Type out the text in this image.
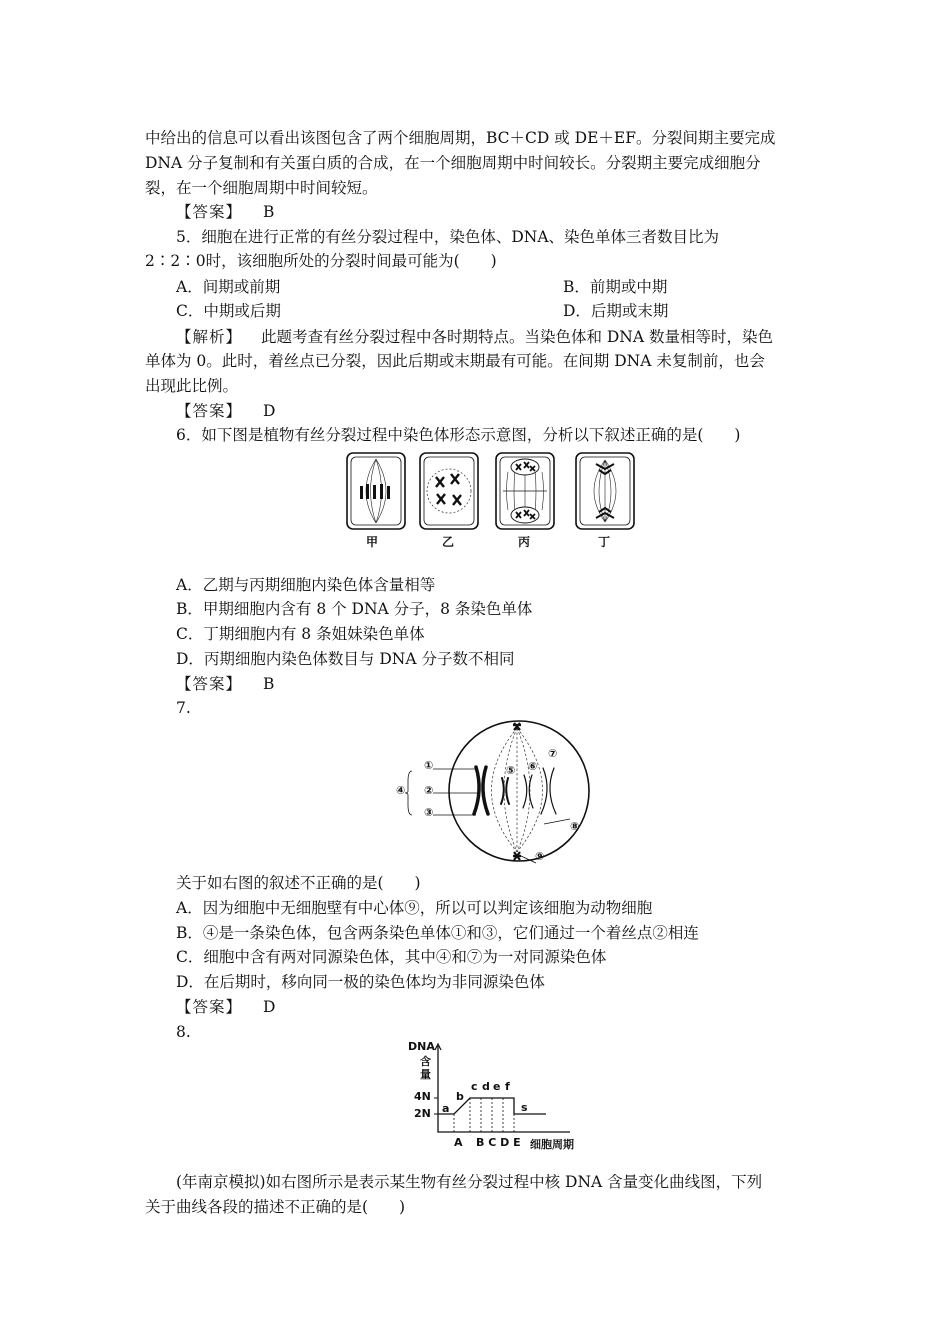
中给出的信息可以看出该图包含了两个细胞周期，BC＋CD 或 DE＋EF。分裂间期主要完成
DNA 分子复制和有关蛋白质的合成，在一个细胞周期中时间较长。分裂期主要完成细胞分
裂，在一个细胞周期中时间较短。
【答案】 B
5．细胞在进行正常的有丝分裂过程中，染色体、DNA、染色单体三者数目比为
2∶2∶0时，该细胞所处的分裂时间最可能为(　　)
A．间期或前期	B．前期或中期
C．中期或后期	D．后期或末期
【解析】 此题考查有丝分裂过程中各时期特点。当染色体和 DNA 数量相等时，染色
单体为 0。此时，着丝点已分裂，因此后期或末期最有可能。在间期 DNA 未复制前，也会
出现此比例。
【答案】 D
6．如下图是植物有丝分裂过程中染色体形态示意图，分析以下叙述正确的是(　　)
甲	乙	丙	丁
A．乙期与丙期细胞内染色体含量相等
B．甲期细胞内含有 8 个 DNA 分子，8 条染色单体
C．丁期细胞内有 8 条姐妹染色单体
D．丙期细胞内染色体数目与 DNA 分子数不相同
【答案】 B
7.
①
②
③
④
⑤ ⑥
⑦
⑧
⑨
关于如右图的叙述不正确的是(　　)
A．因为细胞中无细胞壁有中心体⑨，所以可以判定该细胞为动物细胞
B．④是一条染色体，包含两条染色单体①和③，它们通过一个着丝点②相连
C．细胞中含有两对同源染色体，其中④和⑦为一对同源染色体
D．在后期时，移向同一极的染色体均为非同源染色体
【答案】 D
8.
DNA
含
量
4N
2N a
b
c d e f
s
A B C D E 细胞周期
(年南京模拟)如右图所示是表示某生物有丝分裂过程中核 DNA 含量变化曲线图，下列
关于曲线各段的描述不正确的是(　　)
